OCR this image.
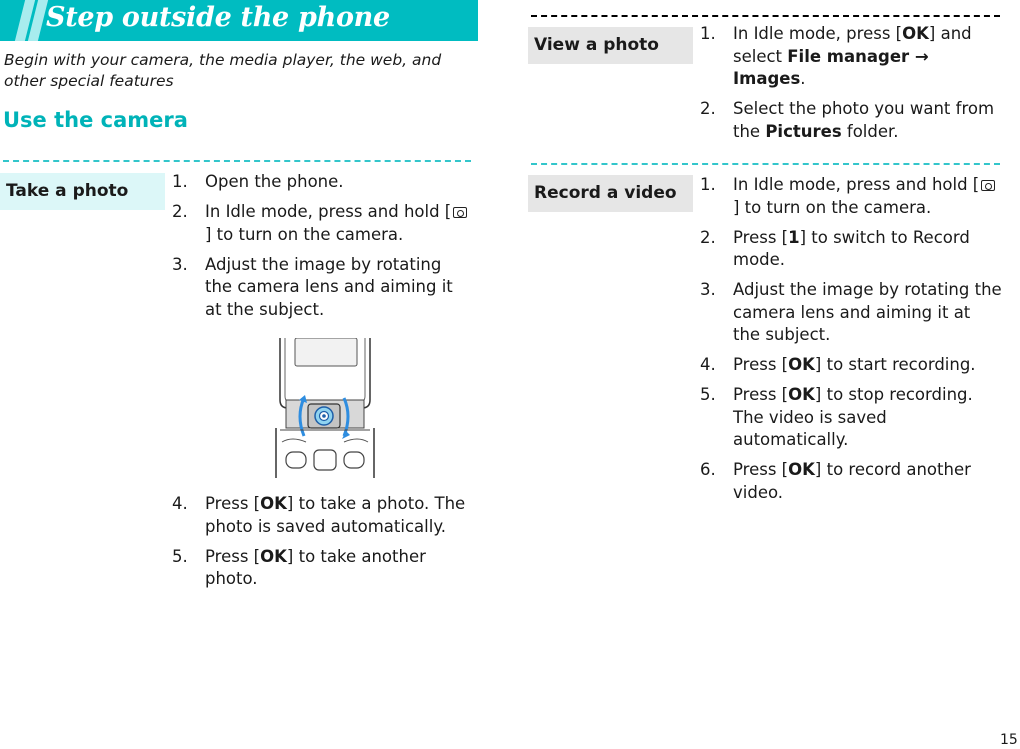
Step outside the phone
Begin with your camera, the media player, the web, and other special features
Use the camera
Take a photo	1. Open the phone.
2. In Idle mode, press and hold [] to turn on the camera.
3. Adjust the image by rotating the camera lens and aiming it at the subject.
4. Press [OK] to take a photo. The photo is saved automatically.
5. Press [OK] to take another photo.
View a photo
1. In Idle mode, press [OK] and select File manager → Images.
2. Select the photo you want from the Pictures folder.
Record a video	1. In Idle mode, press and hold [] to turn on the camera.
2. Press [1] to switch to Record mode.
3. Adjust the image by rotating the camera lens and aiming it at the subject.
4. Press [OK] to start recording.
5. Press [OK] to stop recording. The video is saved automatically.
6. Press [OK] to record another video.
15
